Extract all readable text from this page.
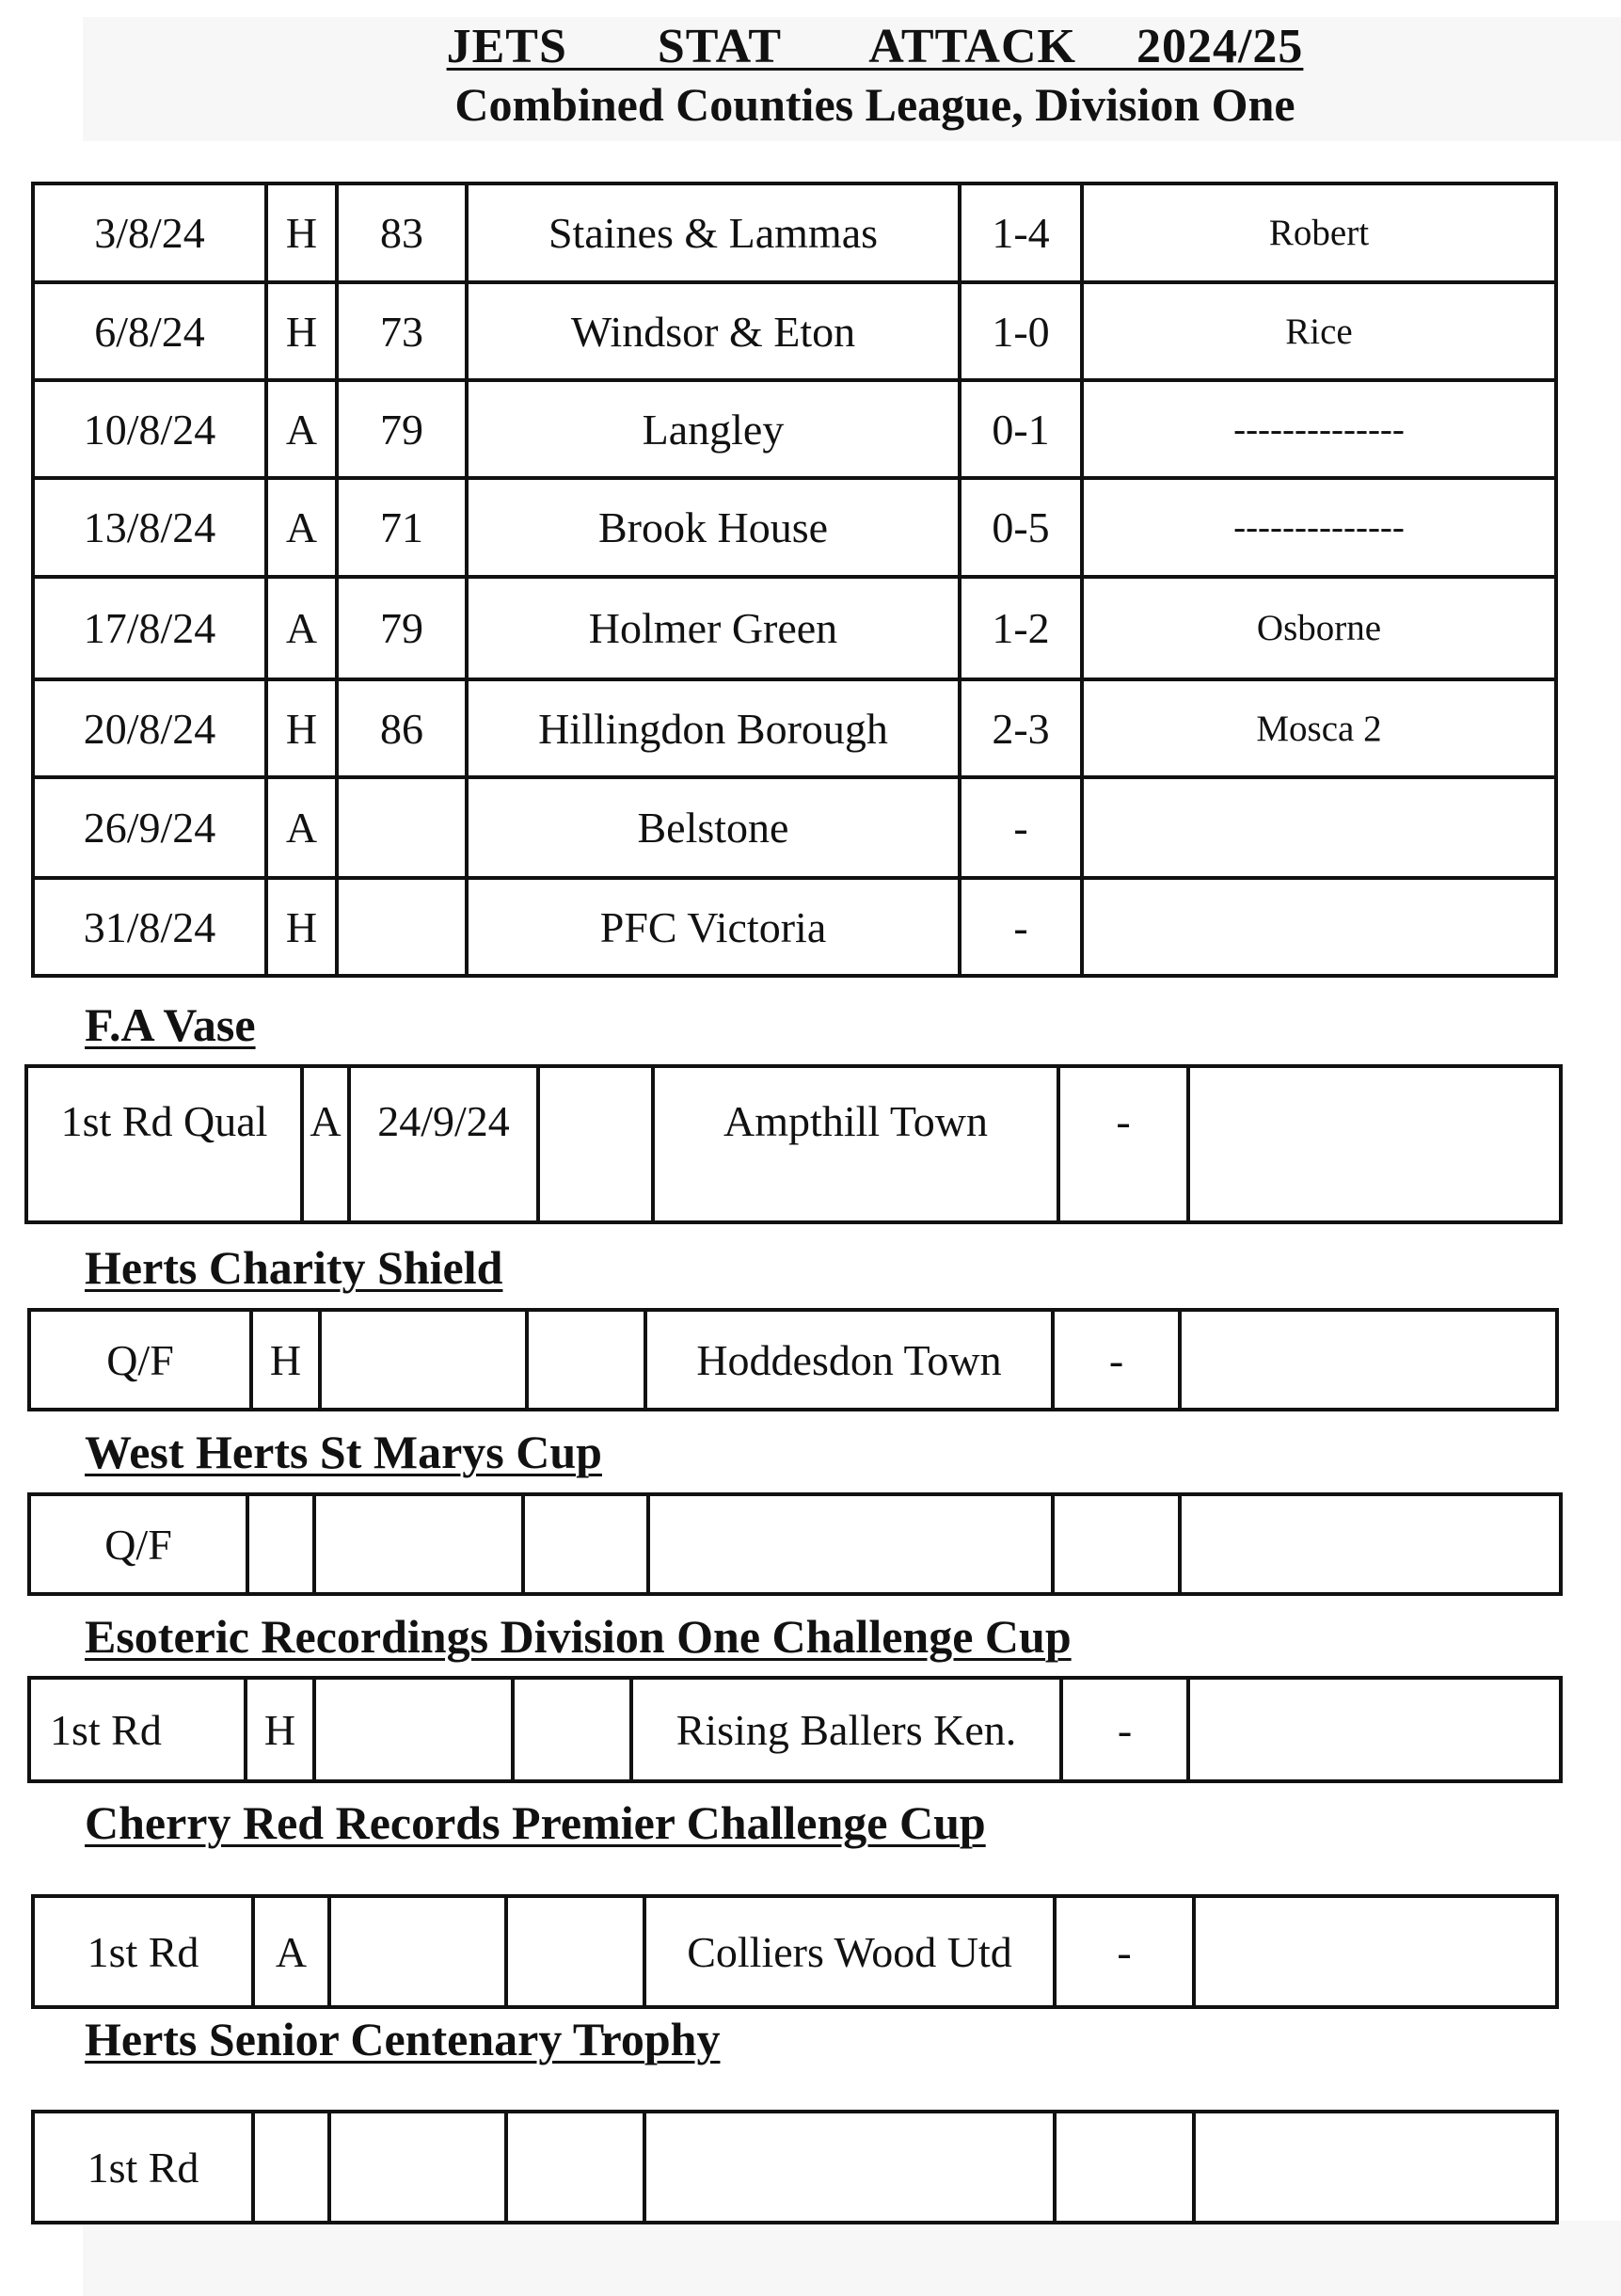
JETS   STAT   ATTACK  2024/25
Combined Counties League, Division One
3/8/24	H	83	Staines & Lammas	1-4	Robert
6/8/24	H	73	Windsor & Eton	1-0	Rice
10/8/24	A	79	Langley	0-1	--------------
13/8/24	A	71	Brook House	0-5	--------------
17/8/24	A	79	Holmer Green	1-2	Osborne
20/8/24	H	86	Hillingdon Borough	2-3	Mosca 2
26/9/24	A		Belstone	-	
31/8/24	H		PFC Victoria	-	
F.A Vase
1st Rd Qual	A	24/9/24		Ampthill Town	-	
Herts Charity Shield
Q/F	H			Hoddesdon Town	-	
West Herts St Marys Cup
Q/F						
Esoteric Recordings Division One Challenge Cup
1st Rd	H			Rising Ballers Ken.	-	
Cherry Red Records Premier Challenge Cup
1st Rd	A			Colliers Wood Utd	-	
Herts Senior Centenary Trophy
1st Rd						
